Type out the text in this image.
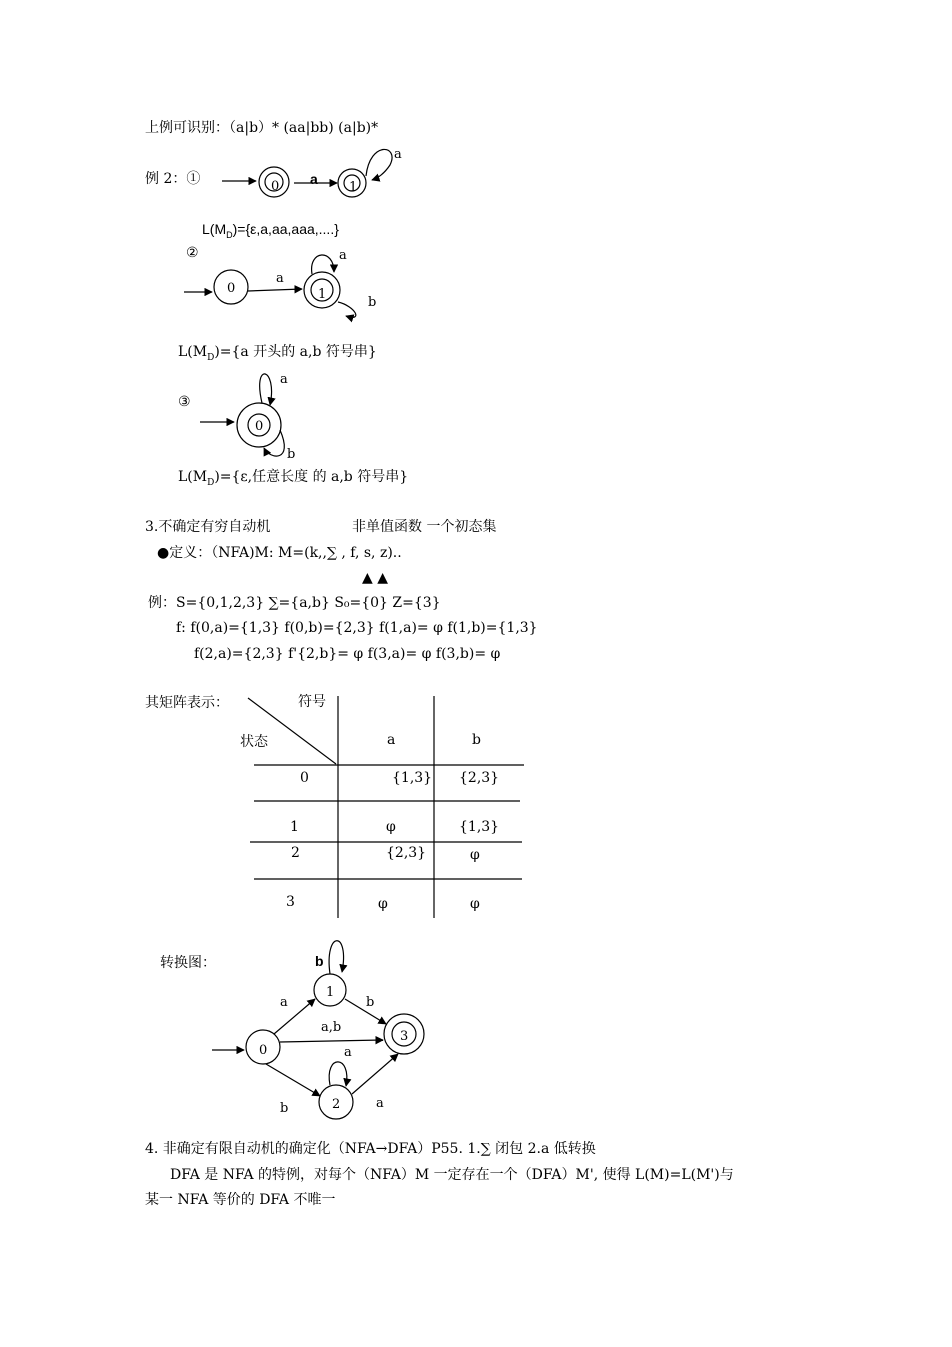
0	1
a
a
0	1
a
a
b
0
a
b
0
1
3
2
b
a	b
a,b
a
b	a
上例可识别：（a|b）* (aa|bb) (a|b)*
例 2：①
$L(M_D)=\{\varepsilon,a,aa,aaa,....\}$
②
$L(M_D)=\{a$ 开头的 a,b 符号串}
③
$L(M_D)=\{\varepsilon$,任意长度 的 a,b 符号串}
3.不确定有穷自动机	非单值函数 一个初态集
●定义：（NFA)M: M=(k,,∑ , f, s, z)..
▲ ▲
例：S={0,1,2,3} ∑={a,b} S₀={0} Z={3}
f: f(0,a)={1,3} f(0,b)={2,3} f(1,a)= φ f(1,b)={1,3}
f(2,a)={2,3} f'{2,b}= φ f(3,a)= φ f(3,b)= φ
其矩阵表示：	符号
状态	a	b
0	{1,3} {2,3}
1	φ	{1,3}
2	{2,3}	φ
3	φ	φ
转换图：
4. 非确定有限自动机的确定化（NFA→DFA）P55. 1.∑ 闭包 2.a 低转换
DFA 是 NFA 的特例，对每个（NFA）M 一定存在一个（DFA）M', 使得 L(M)=L(M')与
某一 NFA 等价的 DFA 不唯一
